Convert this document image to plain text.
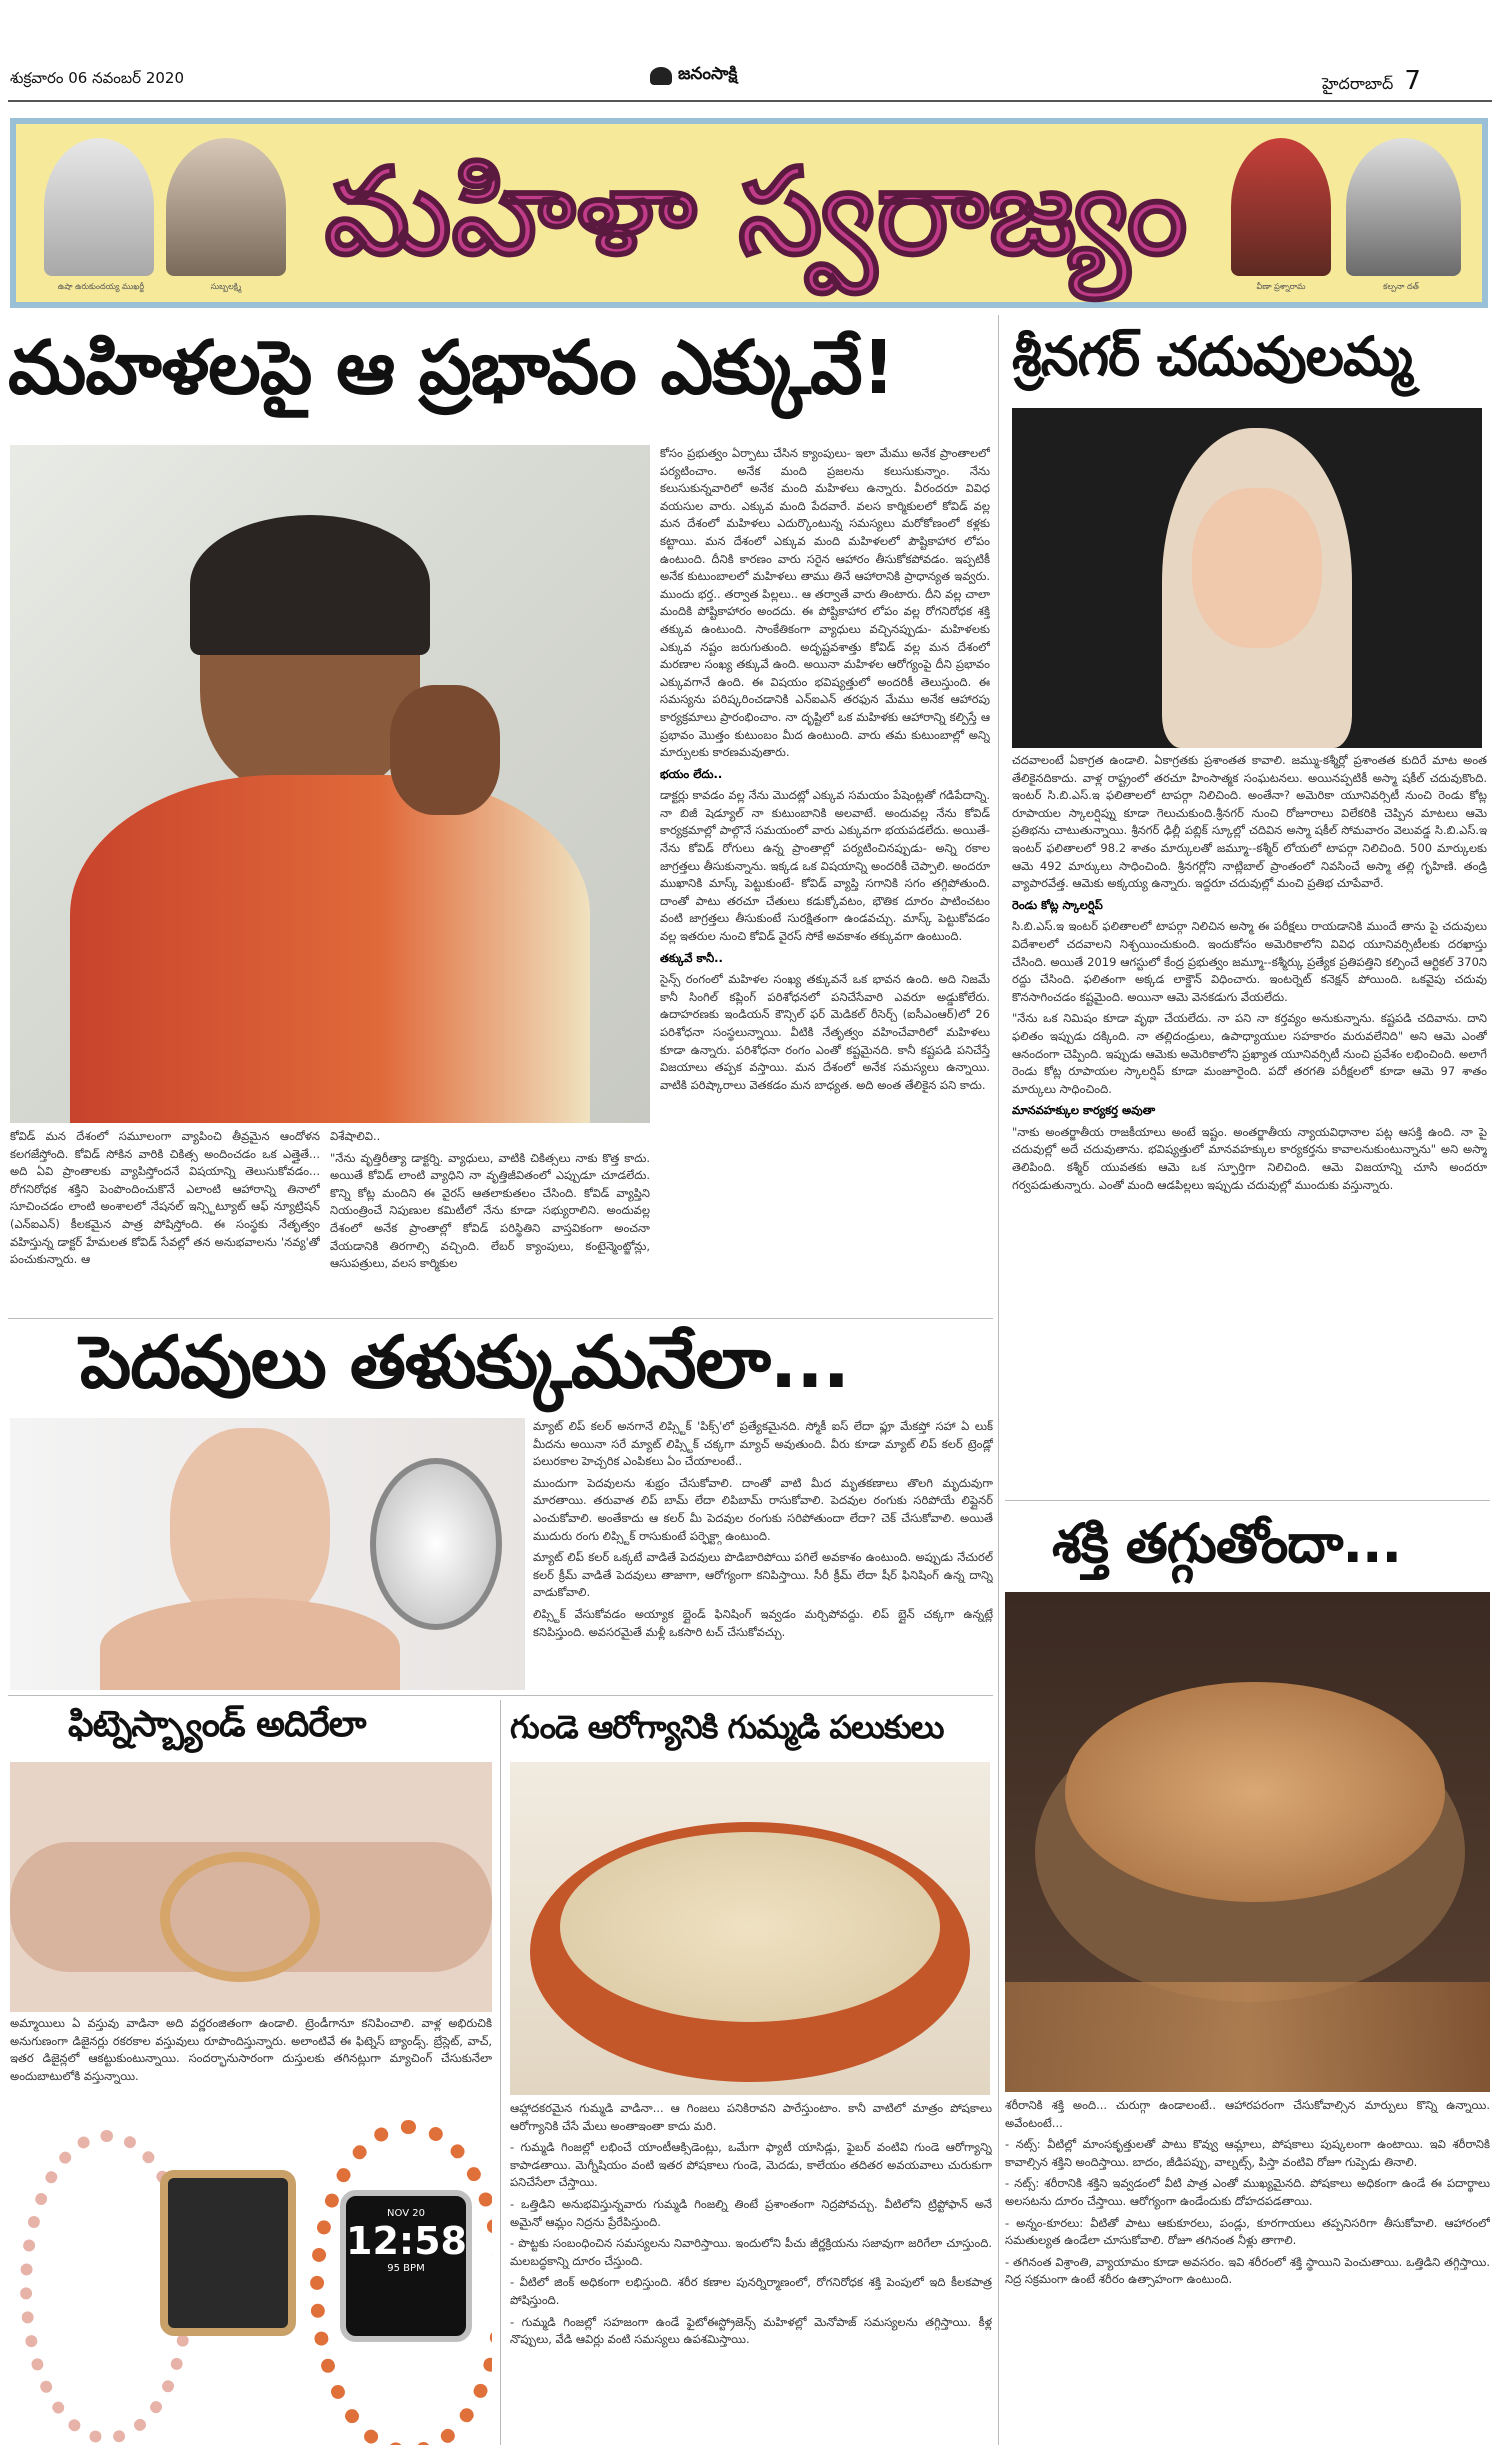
శుక్రవారం 06 నవంబర్ 2020	జనంసాక్షి	హైదరాబాద్ 7
ఉషా ఉరుకుందయ్య ముఖర్జీ	సుబ్బలక్ష్మి
మహిళా స్వరాజ్యం
వీణా ప్రశ్నారామ	కల్పనా దత్
మహిళలపై ఆ ప్రభావం ఎక్కువే!

కోవిడ్ మన దేశంలో సమూలంగా వ్యాపించి తీవ్రమైన ఆందోళన కలగజేస్తోంది. కోవిడ్ సోకిన వారికి చికిత్స అందించడం ఒక ఎత్తైతే... అది ఏవి ప్రాంతాలకు వ్యాపిస్తోందనే విషయాన్ని తెలుసుకోవడం... రోగనిరోధక శక్తిని పెంపొందించుకొనే ఎలాంటి ఆహారాన్ని తినాలో సూచించడం లాంటి అంశాలలో నేషనల్ ఇన్స్టిట్యూట్ ఆఫ్ న్యూట్రిషన్ (ఎన్ఐఎన్) కీలకమైన పాత్ర పోషిస్తోంది. ఈ సంస్థకు నేతృత్వం వహిస్తున్న డాక్టర్ హేమలత కోవిడ్ సేవల్లో తన అనుభవాలను 'నవ్య'తో పంచుకున్నారు. ఆ

విశేషాలివి..

"నేను వృత్తిరీత్యా డాక్టర్ని. వ్యాధులు, వాటికి చికిత్సలు నాకు కొత్త కాదు. అయితే కోవిడ్ లాంటి వ్యాధిని నా వృత్తిజీవితంలో ఎప్పుడూ చూడలేదు. కొన్ని కోట్ల మందిని ఈ వైరస్ ఆతలాకుతలం చేసింది. కోవిడ్ వ్యాప్తిని నియంత్రించే నిపుణుల కమిటీలో నేను కూడా సభ్యురాలిని. అందువల్ల దేశంలో అనేక ప్రాంతాల్లో కోవిడ్ పరిస్థితిని వాస్తవికంగా అంచనా వేయడానికి తిరగాల్సి వచ్చింది. లేబర్ క్యాంపులు, కంటైన్మెంట్జోన్లు, ఆసుపత్రులు, వలస కార్మికుల

కోసం ప్రభుత్వం ఏర్పాటు చేసిన క్యాంపులు- ఇలా మేము అనేక ప్రాంతాలలో పర్యటించాం. అనేక మంది ప్రజలను కలుసుకున్నాం. నేను కలుసుకున్నవారిలో అనేక మంది మహిళలు ఉన్నారు. వీరందరూ వివిధ వయసుల వారు. ఎక్కువ మంది పేదవారే. వలస కార్మికులలో కోవిడ్ వల్ల మన దేశంలో మహిళలు ఎదుర్కొంటున్న సమస్యలు మరోకోణంలో కళ్లకు కట్టాయి. మన దేశంలో ఎక్కువ మంది మహిళలలో పౌష్టికాహార లోపం ఉంటుంది. దీనికి కారణం వారు సరైన ఆహారం తీసుకోకపోవడం. ఇప్పటికీ అనేక కుటుంబాలలో మహిళలు తాము తినే ఆహారానికి ప్రాధాన్యత ఇవ్వరు. ముందు భర్త.. తర్వాత పిల్లలు.. ఆ తర్వాతే వారు తింటారు. దీని వల్ల చాలా మందికి పోష్టికాహారం అందదు. ఈ పోష్టికాహార లోపం వల్ల రోగనిరోధక శక్తి తక్కువ ఉంటుంది. సాంకేతికంగా వ్యాధులు వచ్చినప్పుడు- మహిళలకు ఎక్కువ నష్టం జరుగుతుంది. అదృష్టవశాత్తు కోవిడ్ వల్ల మన దేశంలో మరణాల సంఖ్య తక్కువే ఉంది. అయినా మహిళల ఆరోగ్యంపై దీని ప్రభావం ఎక్కువగానే ఉంది. ఈ విషయం భవిష్యత్తులో అందరికీ తెలుస్తుంది. ఈ సమస్యను పరిష్కరించడానికి ఎన్ఐఎన్ తరఫున మేము అనేక ఆహారపు కార్యక్రమాలు ప్రారంభించాం. నా దృష్టిలో ఒక మహిళకు ఆహారాన్ని కల్పిస్తే ఆ ప్రభావం మొత్తం కుటుంబం మీద ఉంటుంది. వారు తమ కుటుంబాల్లో అన్ని మార్పులకు కారణమవుతారు.

భయం లేదు..

డాక్టర్లు కావడం వల్ల నేను మొదట్లో ఎక్కువ సమయం పేషెంట్లతో గడిపేదాన్ని. నా బిజీ షెడ్యూల్ నా కుటుంబానికి అలవాటే. అందువల్ల నేను కోవిడ్ కార్యక్రమాల్లో పాల్గొనే సమయంలో వారు ఎక్కువగా భయపడలేదు. అయితే- నేను కోవిడ్ రోగులు ఉన్న ప్రాంతాల్లో పర్యటించినప్పుడు- అన్ని రకాల జాగ్రత్తలు తీసుకున్నాను. ఇక్కడ ఒక విషయాన్ని అందరికీ చెప్పాలి. అందరూ ముఖానికి మాస్క్ పెట్టుకుంటే- కోవిడ్ వ్యాప్తి సగానికి సగం తగ్గిపోతుంది. దాంతో పాటు తరచూ చేతులు కడుక్కోవటం, భౌతిక దూరం పాటించటం వంటి జాగ్రత్తలు తీసుకుంటే సురక్షితంగా ఉండవచ్చు. మాస్క్ పెట్టుకోవడం వల్ల ఇతరుల నుంచి కోవిడ్ వైరస్ సోకే అవకాశం తక్కువగా ఉంటుంది.

తక్కువే కానీ..

సైన్స్ రంగంలో మహిళల సంఖ్య తక్కువనే ఒక భావన ఉంది. అది నిజమే కానీ సింగిల్ కప్లింగ్ పరిశోధనలో పనిచేసేవారి ఎవరూ అడ్డుకోలేరు. ఉదాహరణకు ఇండియన్ కౌన్సిల్ ఫర్ మెడికల్ రీసెర్చ్ (ఐసీఎంఆర్)లో 26 పరిశోధనా సంస్థలున్నాయి. వీటికి నేతృత్వం వహించేవారిలో మహిళలు కూడా ఉన్నారు. పరిశోధనా రంగం ఎంతో కష్టమైనది. కానీ కష్టపడి పనిచేస్తే విజయాలు తప్పక వస్తాయి. మన దేశంలో అనేక సమస్యలు ఉన్నాయి. వాటికి పరిష్కారాలు వెతకడం మన బాధ్యత. అది అంత తేలికైన పని కాదు.

శ్రీనగర్ చదువులమ్మ

చదవాలంటే ఏకాగ్రత ఉండాలి. ఏకాగ్రతకు ప్రశాంతత కావాలి. జమ్ము-కశ్మీర్లో ప్రశాంతత కుదిరే మాట అంత తేలికైనదికాదు. వాళ్ల రాష్ట్రంలో తరచూ హింసాత్మక సంఘటనలు. అయినప్పటికీ అస్మా షకీల్ చదువుకొంది. ఇంటర్ సి.బి.ఎస్.ఇ ఫలితాలలో టాపర్గా నిలిచింది. అంతేనా? అమెరికా యూనివర్సిటీ నుంచి రెండు కోట్ల రూపాయల స్కాలర్షిప్ను కూడా గెలుచుకుంది.శ్రీనగర్ నుంచి రోజూరాలు విలేకరికి చెప్పిన మాటలు ఆమె ప్రతిభను చాటుతున్నాయి. శ్రీనగర్ ఢిల్లీ పబ్లిక్ స్కూల్లో చదివిన అస్మా షకీల్ సోమవారం వెలువడ్డ సి.బి.ఎస్.ఇ ఇంటర్ ఫలితాలలో 98.2 శాతం మార్కులతో జమ్మూ--కశ్మీర్ లోయలో టాపర్గా నిలిచింది. 500 మార్కులకు ఆమె 492 మార్కులు సాధించింది. శ్రీనగర్లోని నాట్లిబాల్ ప్రాంతంలో నివసించే అస్మా తల్లి గృహిణి. తండ్రి వ్యాపారవేత్త. ఆమెకు అక్కయ్య ఉన్నారు. ఇద్దరూ చదువుల్లో మంచి ప్రతిభ చూపేవారే.

రెండు కోట్ల స్కాలర్షిప్

సి.బి.ఎస్.ఇ ఇంటర్ ఫలితాలలో టాపర్గా నిలిచిన అస్మా ఈ పరీక్షలు రాయడానికి ముందే తాను పై చదువులు విదేశాలలో చదవాలని నిశ్చయించుకుంది. ఇందుకోసం అమెరికాలోని వివిధ యూనివర్సిటీలకు దరఖాస్తు చేసింది. అయితే 2019 ఆగస్టులో కేంద్ర ప్రభుత్వం జమ్మూ--కశ్మీర్కు ప్రత్యేక ప్రతిపత్తిని కల్పించే ఆర్టికల్ 370ని రద్దు చేసింది. ఫలితంగా అక్కడ లాక్డౌన్ విధించారు. ఇంటర్నెట్ కనెక్షన్ పోయింది. ఒకవైపు చదువు కొనసాగించడం కష్టమైంది. అయినా ఆమె వెనకడుగు వేయలేదు.

"నేను ఒక నిమిషం కూడా వృథా చేయలేదు. నా పని నా కర్తవ్యం అనుకున్నాను. కష్టపడి చదివాను. దాని ఫలితం ఇప్పుడు దక్కింది. నా తల్లిదండ్రులు, ఉపాధ్యాయుల సహకారం మరువలేనిది" అని ఆమె ఎంతో ఆనందంగా చెప్పింది. ఇప్పుడు ఆమెకు అమెరికాలోని ప్రఖ్యాత యూనివర్సిటీ నుంచి ప్రవేశం లభించింది. అలాగే రెండు కోట్ల రూపాయల స్కాలర్షిప్ కూడా మంజూరైంది. పదో తరగతి పరీక్షలలో కూడా ఆమె 97 శాతం మార్కులు సాధించింది.

మానవహక్కుల కార్యకర్త అవుతా

"నాకు అంతర్జాతీయ రాజకీయాలు అంటే ఇష్టం. అంతర్జాతీయ న్యాయవిధానాల పట్ల ఆసక్తి ఉంది. నా పై చదువుల్లో అదే చదువుతాను. భవిష్యత్తులో మానవహక్కుల కార్యకర్తను కావాలనుకుంటున్నాను" అని అస్మా తెలిపింది. కశ్మీర్ యువతకు ఆమె ఒక స్ఫూర్తిగా నిలిచింది. ఆమె విజయాన్ని చూసి అందరూ గర్వపడుతున్నారు. ఎంతో మంది ఆడపిల్లలు ఇప్పుడు చదువుల్లో ముందుకు వస్తున్నారు.

పెదవులు తళుక్కుమనేలా...

మ్యాట్ లిప్ కలర్ అనగానే లిప్స్టిక్ 'పిక్స్'లో ప్రత్యేకమైనది. స్మోకీ ఐస్ లేదా ఫ్లూ మేకప్తో సహా ఏ లుక్ మీదను అయినా సరే మ్యాట్ లిప్స్టిక్ చక్కగా మ్యాచ్ అవుతుంది. వీరు కూడా మ్యాట్ లిప్ కలర్ ట్రెండ్లో పలురకాల హెచ్చరిక ఎంపికలు ఏం చేయాలంటే..

ముందుగా పెదవులను శుభ్రం చేసుకోవాలి. దాంతో వాటి మీద మృతకణాలు తొలగి మృదువుగా మారతాయి. తరువాత లిప్ బామ్ లేదా లిపిబామ్ రాసుకోవాలి. పెదవుల రంగుకు సరిపోయే లిప్లైనర్ ఎంచుకోవాలి. అంతేకాదు ఆ కలర్ మీ పెదవుల రంగుకు సరిపోతుందా లేదా? చెక్ చేసుకోవాలి. అయితే ముదురు రంగు లిప్స్టిక్ రాసుకుంటే పర్ఫెక్ట్గా ఉంటుంది.

మ్యాట్ లిప్ కలర్ ఒక్కటే వాడితే పెదవులు పొడిబారిపోయి పగిలే అవకాశం ఉంటుంది. అప్పుడు నేచురల్ కలర్ క్రీమ్ వాడితే పెదవులు తాజాగా, ఆరోగ్యంగా కనిపిస్తాయి. సీరీ క్రీమ్ లేదా షీర్ ఫినిషింగ్ ఉన్న దాన్ని వాడుకోవాలి.

లిప్స్టిక్ వేసుకోవడం అయ్యాక బ్లైండ్ ఫినిషింగ్ ఇవ్వడం మర్చిపోవద్దు. లిప్ బ్లైన్ చక్కగా ఉన్నట్లే కనిపిస్తుంది. అవసరమైతే మళ్లీ ఒకసారి టచ్ చేసుకోవచ్చు.

ఫిట్నెస్బ్యాండ్ అదిరేలా

అమ్మాయిలు ఏ వస్తువు వాడినా అది వర్ణరంజితంగా ఉండాలి. ట్రెండీగానూ కనిపించాలి. వాళ్ల అభిరుచికి అనుగుణంగా డిజైనర్లు రకరకాల వస్తువులు రూపొందిస్తున్నారు. అలాంటివే ఈ ఫిట్నెస్ బ్యాండ్స్. బ్రేస్లెట్, వాచ్, ఇతర డిజైన్లలో ఆకట్టుకుంటున్నాయి. సందర్భానుసారంగా దుస్తులకు తగినట్లుగా మ్యాచింగ్ చేసుకునేలా అందుబాటులోకి వస్తున్నాయి.

NOV 20
12:58
95 BPM
గుండె ఆరోగ్యానికి గుమ్మడి పలుకులు

ఆహ్లాదకరమైన గుమ్మడి వాడినా... ఆ గింజలు పనికిరావని పారేస్తుంటాం. కానీ వాటిలో మాత్రం పోషకాలు ఆరోగ్యానికి చేసే మేలు అంతాఇంతా కాదు మరి.

- గుమ్మడి గింజల్లో లభించే యాంటీఆక్సిడెంట్లు, ఒమేగా ఫ్యాటీ యాసిడ్లు, ఫైబర్ వంటివి గుండె ఆరోగ్యాన్ని కాపాడతాయి. మెగ్నీషియం వంటి ఇతర పోషకాలు గుండె, మెదడు, కాలేయం తదితర అవయవాలు చురుకుగా పనిచేసేలా చేస్తాయి.

- ఒత్తిడిని అనుభవిస్తున్నవారు గుమ్మడి గింజల్ని తింటే ప్రశాంతంగా నిద్రపోవచ్చు. వీటిలోని ట్రిప్టోఫాన్ అనే అమైనో ఆమ్లం నిద్రను ప్రేరేపిస్తుంది.

- పొట్టకు సంబంధించిన సమస్యలను నివారిస్తాయి. ఇందులోని పీచు జీర్ణక్రియను సజావుగా జరిగేలా చూస్తుంది. మలబద్ధకాన్ని దూరం చేస్తుంది.

- వీటిలో జింక్ అధికంగా లభిస్తుంది. శరీర కణాల పునర్నిర్మాణంలో, రోగనిరోధక శక్తి పెంపులో ఇది కీలకపాత్ర పోషిస్తుంది.

- గుమ్మడి గింజల్లో సహజంగా ఉండే ఫైటోఈస్ట్రోజెన్స్ మహిళల్లో మెనోపాజ్ సమస్యలను తగ్గిస్తాయి. కీళ్ల నొప్పులు, వేడి ఆవిర్లు వంటి సమస్యలు ఉపశమిస్తాయి.

శక్తి తగ్గుతోందా...

శరీరానికి శక్తి అంది... చురుగ్గా ఉండాలంటే.. ఆహారపరంగా చేసుకోవాల్సిన మార్పులు కొన్ని ఉన్నాయి. అవేంటంటే...

- నట్స్: వీటిల్లో మాంసకృత్తులతో పాటు కొవ్వు ఆమ్లాలు, పోషకాలు పుష్కలంగా ఉంటాయి. ఇవి శరీరానికి కావాల్సిన శక్తిని అందిస్తాయి. బాదం, జీడిపప్పు, వాల్నట్స్, పిస్తా వంటివి రోజూ గుప్పెడు తినాలి.

- నట్స్: శరీరానికి శక్తిని ఇవ్వడంలో వీటి పాత్ర ఎంతో ముఖ్యమైనది. పోషకాలు అధికంగా ఉండే ఈ పదార్థాలు అలసటను దూరం చేస్తాయి. ఆరోగ్యంగా ఉండేందుకు దోహదపడతాయి.

- అన్నం-కూరలు: వీటితో పాటు ఆకుకూరలు, పండ్లు, కూరగాయలు తప్పనిసరిగా తీసుకోవాలి. ఆహారంలో సమతుల్యత ఉండేలా చూసుకోవాలి. రోజూ తగినంత నీళ్లు తాగాలి.

- తగినంత విశ్రాంతి, వ్యాయామం కూడా అవసరం. ఇవి శరీరంలో శక్తి స్థాయిని పెంచుతాయి. ఒత్తిడిని తగ్గిస్తాయి. నిద్ర సక్రమంగా ఉంటే శరీరం ఉత్సాహంగా ఉంటుంది.
